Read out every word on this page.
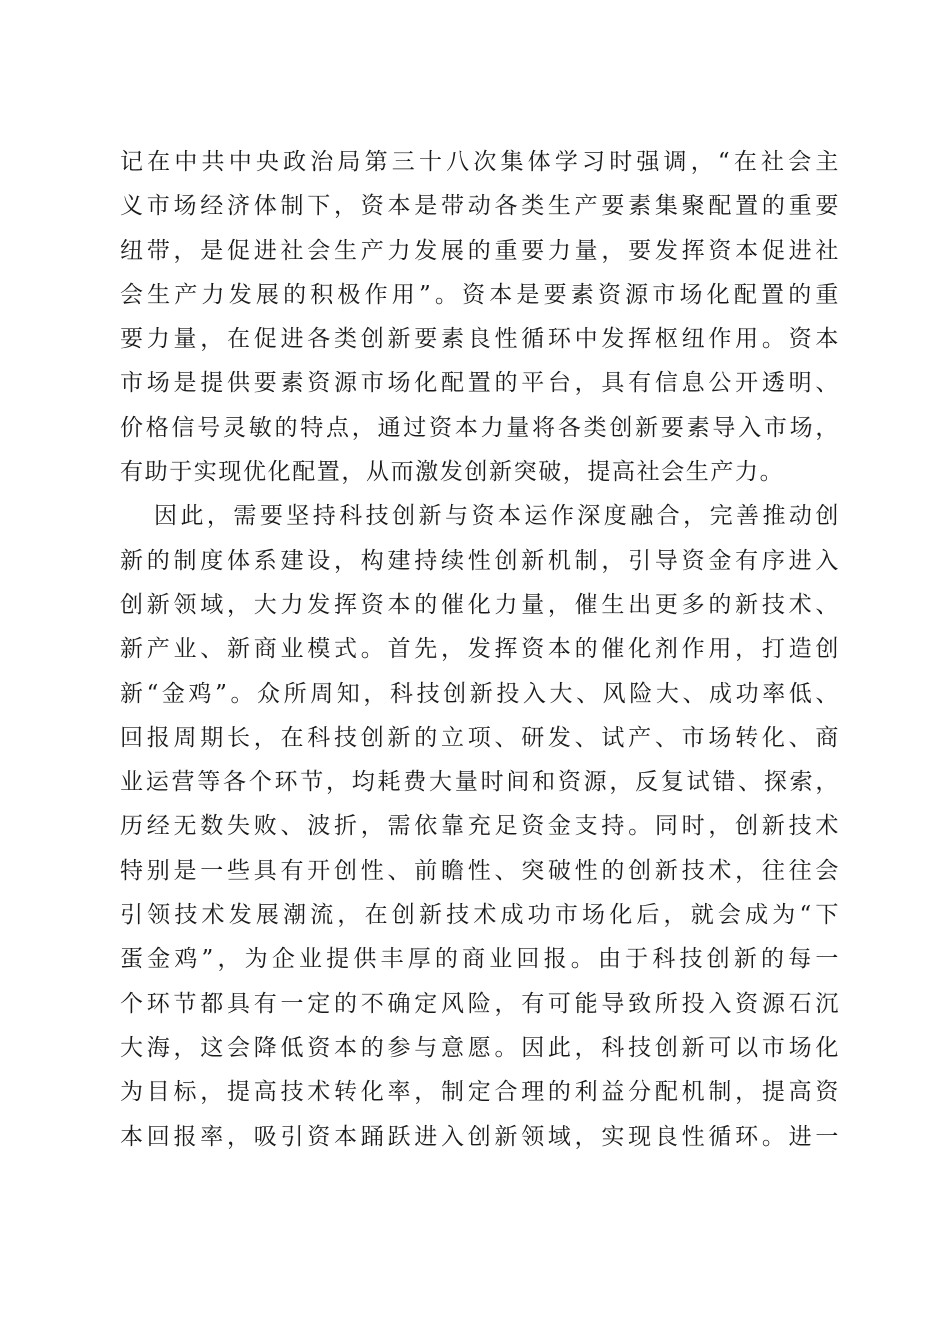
记在中共中央政治局第三十八次集体学习时强调，“在社会主
义市场经济体制下，资本是带动各类生产要素集聚配置的重要
纽带，是促进社会生产力发展的重要力量，要发挥资本促进社
会生产力发展的积极作用”。资本是要素资源市场化配置的重
要力量，在促进各类创新要素良性循环中发挥枢纽作用。资本
市场是提供要素资源市场化配置的平台，具有信息公开透明、
价格信号灵敏的特点，通过资本力量将各类创新要素导入市场，
有助于实现优化配置，从而激发创新突破，提高社会生产力。
因此，需要坚持科技创新与资本运作深度融合，完善推动创
新的制度体系建设，构建持续性创新机制，引导资金有序进入
创新领域，大力发挥资本的催化力量，催生出更多的新技术、
新产业、新商业模式。首先，发挥资本的催化剂作用，打造创
新“金鸡”。众所周知，科技创新投入大、风险大、成功率低、
回报周期长，在科技创新的立项、研发、试产、市场转化、商
业运营等各个环节，均耗费大量时间和资源，反复试错、探索，
历经无数失败、波折，需依靠充足资金支持。同时，创新技术
特别是一些具有开创性、前瞻性、突破性的创新技术，往往会
引领技术发展潮流，在创新技术成功市场化后，就会成为“下
蛋金鸡”，为企业提供丰厚的商业回报。由于科技创新的每一
个环节都具有一定的不确定风险，有可能导致所投入资源石沉
大海，这会降低资本的参与意愿。因此，科技创新可以市场化
为目标，提高技术转化率，制定合理的利益分配机制，提高资
本回报率，吸引资本踊跃进入创新领域，实现良性循环。进一
